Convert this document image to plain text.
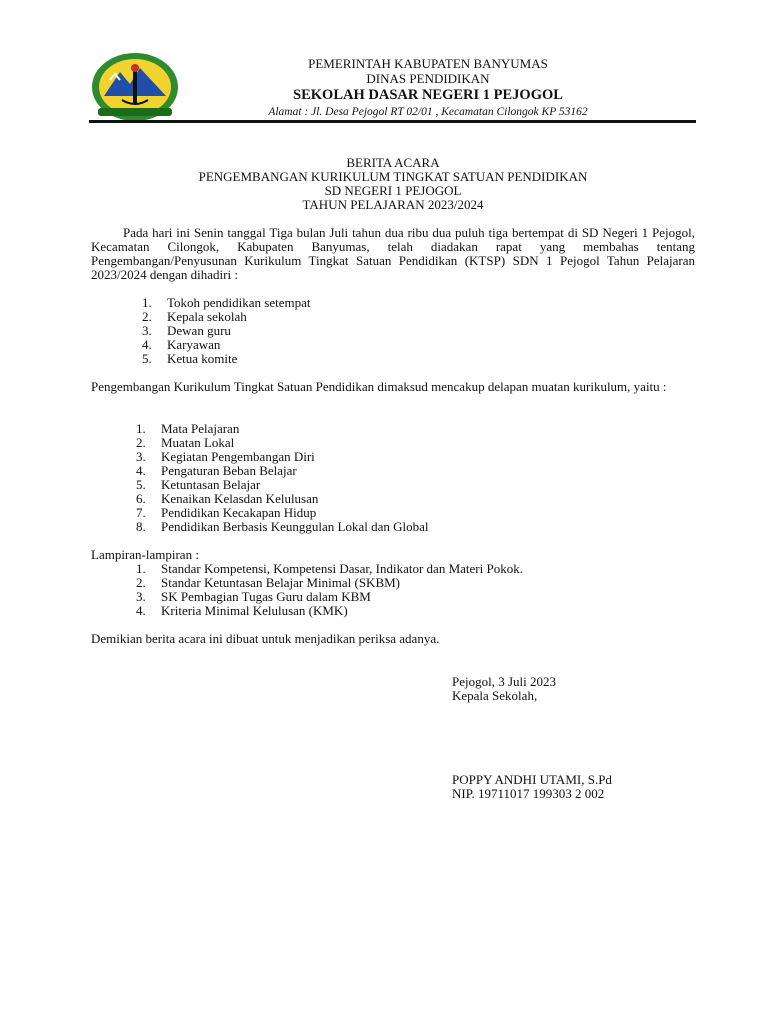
PEMERINTAH KABUPATEN BANYUMAS
DINAS PENDIDIKAN
SEKOLAH DASAR NEGERI 1 PEJOGOL
Alamat : Jl. Desa Pejogol RT 02/01 , Kecamatan Cilongok KP 53162
BERITA ACARA
PENGEMBANGAN KURIKULUM TINGKAT SATUAN PENDIDIKAN
SD NEGERI 1 PEJOGOL
TAHUN PELAJARAN 2023/2024
Pada hari ini Senin tanggal Tiga bulan Juli tahun dua ribu dua puluh tiga bertempat di SD Negeri 1 Pejogol, Kecamatan Cilongok, Kabupaten Banyumas, telah diadakan rapat yang membahas tentang Pengembangan/Penyusunan Kurikulum Tingkat Satuan Pendidikan (KTSP) SDN 1 Pejogol Tahun Pelajaran 2023/2024 dengan dihadiri :
1. Tokoh pendidikan setempat
2. Kepala sekolah
3. Dewan guru
4. Karyawan
5. Ketua komite
Pengembangan Kurikulum Tingkat Satuan Pendidikan dimaksud mencakup delapan muatan kurikulum, yaitu :
1. Mata Pelajaran
2. Muatan Lokal
3. Kegiatan Pengembangan Diri
4. Pengaturan Beban Belajar
5. Ketuntasan Belajar
6. Kenaikan Kelasdan Kelulusan
7. Pendidikan Kecakapan Hidup
8. Pendidikan Berbasis Keunggulan Lokal dan Global
Lampiran-lampiran :
1. Standar Kompetensi, Kompetensi Dasar, Indikator dan Materi Pokok.
2. Standar Ketuntasan Belajar Minimal (SKBM)
3. SK Pembagian Tugas Guru dalam KBM
4. Kriteria Minimal Kelulusan (KMK)
Demikian berita acara ini dibuat untuk menjadikan periksa adanya.
Pejogol, 3 Juli 2023
Kepala Sekolah,
POPPY ANDHI UTAMI, S.Pd
NIP. 19711017 199303 2 002
